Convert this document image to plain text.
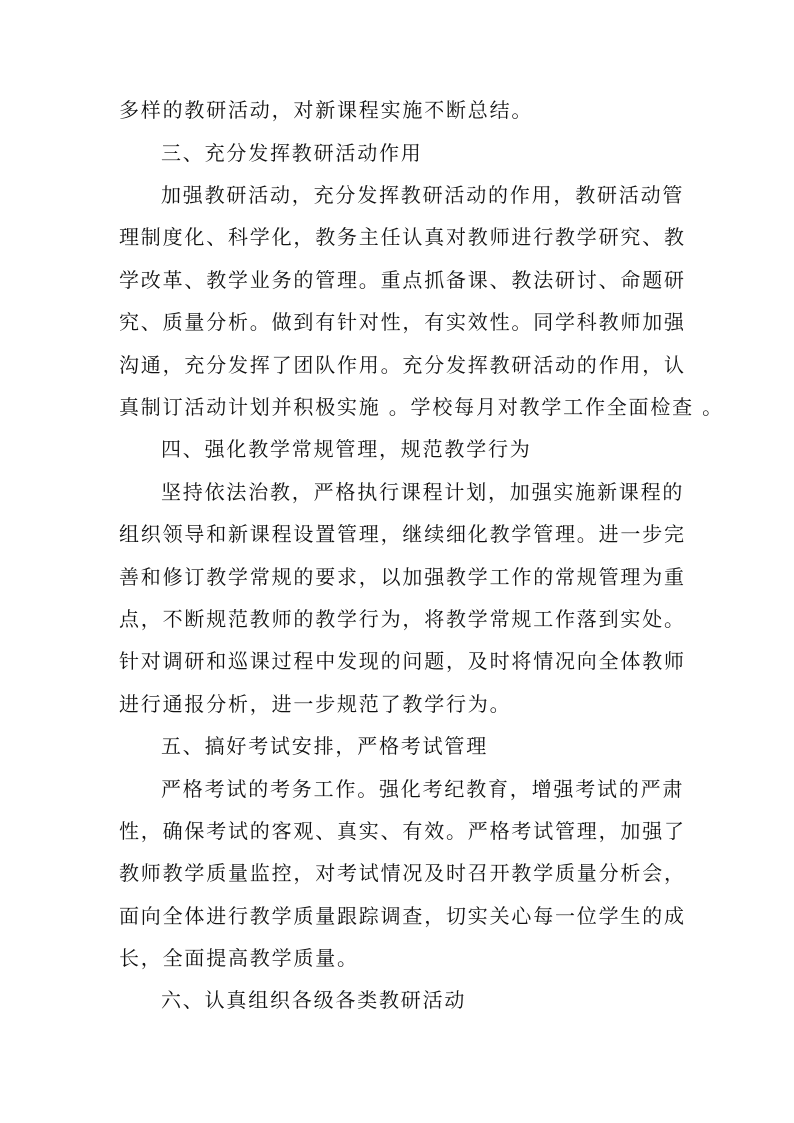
多样的教研活动，对新课程实施不断总结。
三、充分发挥教研活动作用
加强教研活动，充分发挥教研活动的作用，教研活动管
理制度化、科学化，教务主任认真对教师进行教学研究、教
学改革、教学业务的管理。重点抓备课、教法研讨、命题研
究、质量分析。做到有针对性，有实效性。同学科教师加强
沟通，充分发挥了团队作用。充分发挥教研活动的作用，认
真制订活动计划并积极实施 。学校每月对教学工作全面检查 。
四、强化教学常规管理，规范教学行为
坚持依法治教，严格执行课程计划，加强实施新课程的
组织领导和新课程设置管理，继续细化教学管理。进一步完
善和修订教学常规的要求，以加强教学工作的常规管理为重
点，不断规范教师的教学行为，将教学常规工作落到实处。
针对调研和巡课过程中发现的问题，及时将情况向全体教师
进行通报分析，进一步规范了教学行为。
五、搞好考试安排，严格考试管理
严格考试的考务工作。强化考纪教育，增强考试的严肃
性，确保考试的客观、真实、有效。严格考试管理，加强了
教师教学质量监控，对考试情况及时召开教学质量分析会，
面向全体进行教学质量跟踪调查，切实关心每一位学生的成
长，全面提高教学质量。
六、认真组织各级各类教研活动
